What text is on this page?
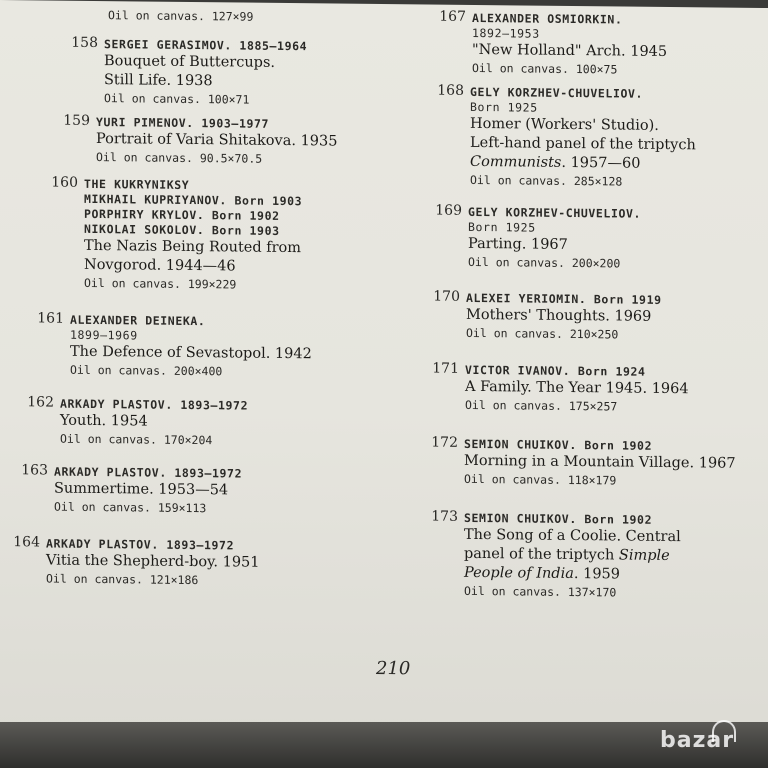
Oil on canvas. 127×99
158 SERGEI GERASIMOV. 1885—1964
Bouquet of Buttercups.
Still Life. 1938
Oil on canvas. 100×71
159 YURI PIMENOV. 1903—1977
Portrait of Varia Shitakova. 1935
Oil on canvas. 90.5×70.5
160 THE KUKRYNIKSY
MIKHAIL KUPRIYANOV. Born 1903
PORPHIRY KRYLOV. Born 1902
NIKOLAI SOKOLOV. Born 1903
The Nazis Being Routed from
Novgorod. 1944—46
Oil on canvas. 199×229
161 ALEXANDER DEINEKA.
1899—1969
The Defence of Sevastopol. 1942
Oil on canvas. 200×400
162 ARKADY PLASTOV. 1893—1972
Youth. 1954
Oil on canvas. 170×204
163 ARKADY PLASTOV. 1893—1972
Summertime. 1953—54
Oil on canvas. 159×113
164 ARKADY PLASTOV. 1893—1972
Vitia the Shepherd-boy. 1951
Oil on canvas. 121×186
167 ALEXANDER OSMIORKIN.
1892—1953
"New Holland" Arch. 1945
Oil on canvas. 100×75
168 GELY KORZHEV-CHUVELIOV.
Born 1925
Homer (Workers' Studio).
Left-hand panel of the triptych
Communists. 1957—60
Oil on canvas. 285×128
169 GELY KORZHEV-CHUVELIOV.
Born 1925
Parting. 1967
Oil on canvas. 200×200
170 ALEXEI YERIOMIN. Born 1919
Mothers' Thoughts. 1969
Oil on canvas. 210×250
171 VICTOR IVANOV. Born 1924
A Family. The Year 1945. 1964
Oil on canvas. 175×257
172 SEMION CHUIKOV. Born 1902
Morning in a Mountain Village. 1967
Oil on canvas. 118×179
173 SEMION CHUIKOV. Born 1902
The Song of a Coolie. Central
panel of the triptych Simple
People of India. 1959
Oil on canvas. 137×170
210
bazar
